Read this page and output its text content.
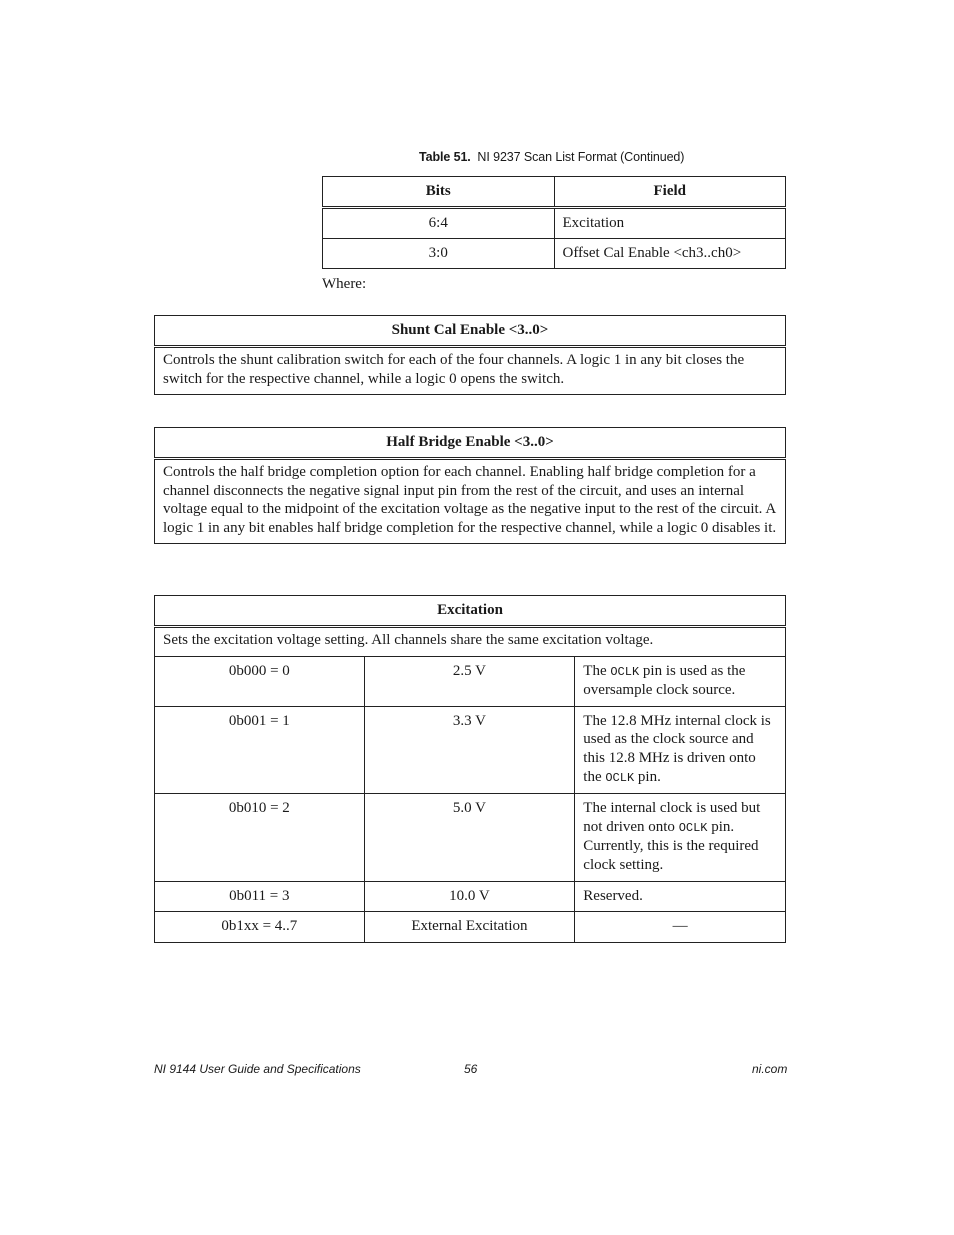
Table 51. NI 9237 Scan List Format (Continued)
Bits	Field
6:4	Excitation
3:0	Offset Cal Enable <ch3..ch0>
Where:
Shunt Cal Enable <3..0>
Controls the shunt calibration switch for each of the four channels. A logic 1 in any bit closes the switch for the respective channel, while a logic 0 opens the switch.
Half Bridge Enable <3..0>
Controls the half bridge completion option for each channel. Enabling half bridge completion for a channel disconnects the negative signal input pin from the rest of the circuit, and uses an internal voltage equal to the midpoint of the excitation voltage as the negative input to the rest of the circuit. A logic 1 in any bit enables half bridge completion for the respective channel, while a logic 0 disables it.
Excitation		
Sets the excitation voltage setting. All channels share the same excitation voltage.		
0b000 = 0	2.5 V	The OCLK pin is used as the oversample clock source.
0b001 = 1	3.3 V	The 12.8 MHz internal clock is used as the clock source and this 12.8 MHz is driven onto the OCLK pin.
0b010 = 2	5.0 V	The internal clock is used but not driven onto OCLK pin. Currently, this is the required clock setting.
0b011 = 3	10.0 V	Reserved.
0b1xx = 4..7	External Excitation	—
NI 9144 User Guide and Specifications	56	ni.com
